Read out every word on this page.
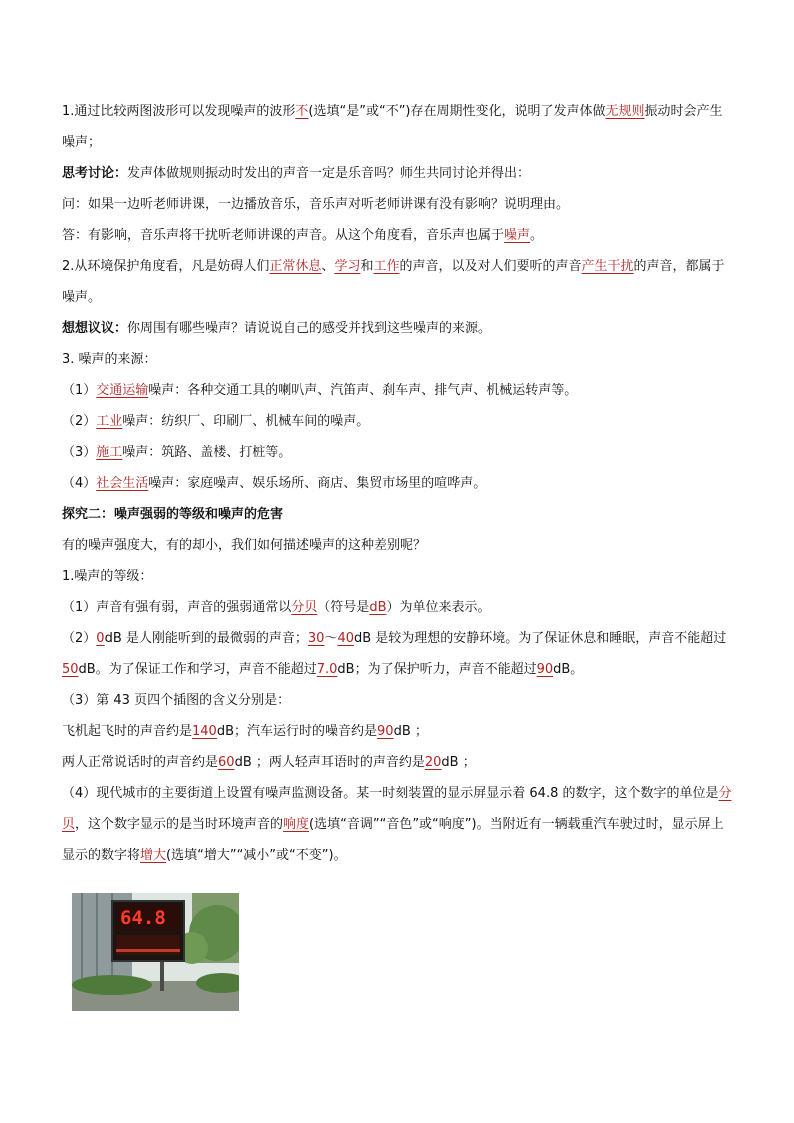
1.通过比较两图波形可以发现噪声的波形不(选填“是”或“不”)存在周期性变化，说明了发声体做无规则振动时会产生噪声；

思考讨论：发声体做规则振动时发出的声音一定是乐音吗？师生共同讨论并得出：

问：如果一边听老师讲课，一边播放音乐，音乐声对听老师讲课有没有影响？说明理由。

答：有影响，音乐声将干扰听老师讲课的声音。从这个角度看，音乐声也属于噪声。

2.从环境保护角度看，凡是妨碍人们正常休息、学习和工作的声音，以及对人们要听的声音产生干扰的声音，都属于噪声。

想想议议：你周围有哪些噪声？请说说自己的感受并找到这些噪声的来源。

3. 噪声的来源：

（1）交通运输噪声：各种交通工具的喇叭声、汽笛声、刹车声、排气声、机械运转声等。

（2）工业噪声：纺织厂、印刷厂、机械车间的噪声。

（3）施工噪声：筑路、盖楼、打桩等。

（4）社会生活噪声：家庭噪声、娱乐场所、商店、集贸市场里的喧哗声。

探究二：噪声强弱的等级和噪声的危害

有的噪声强度大，有的却小，我们如何描述噪声的这种差别呢？

1.噪声的等级：

（1）声音有强有弱，声音的强弱通常以分贝（符号是dB）为单位来表示。

（2）0dB 是人刚能听到的最微弱的声音；30～40dB 是较为理想的安静环境。为了保证休息和睡眠，声音不能超过50dB。为了保证工作和学习，声音不能超过7.0dB；为了保护听力，声音不能超过90dB。

（3）第 43 页四个插图的含义分别是：

飞机起飞时的声音约是140dB；汽车运行时的噪音约是90dB ；

两人正常说话时的声音约是60dB ；两人轻声耳语时的声音约是20dB ；

（4）现代城市的主要街道上设置有噪声监测设备。某一时刻装置的显示屏显示着 64.8 的数字，这个数字的单位是分贝，这个数字显示的是当时环境声音的响度(选填“音调”“音色”或“响度”)。当附近有一辆载重汽车驶过时，显示屏上显示的数字将增大(选填“增大”“减小”或“不变”)。

64.8
